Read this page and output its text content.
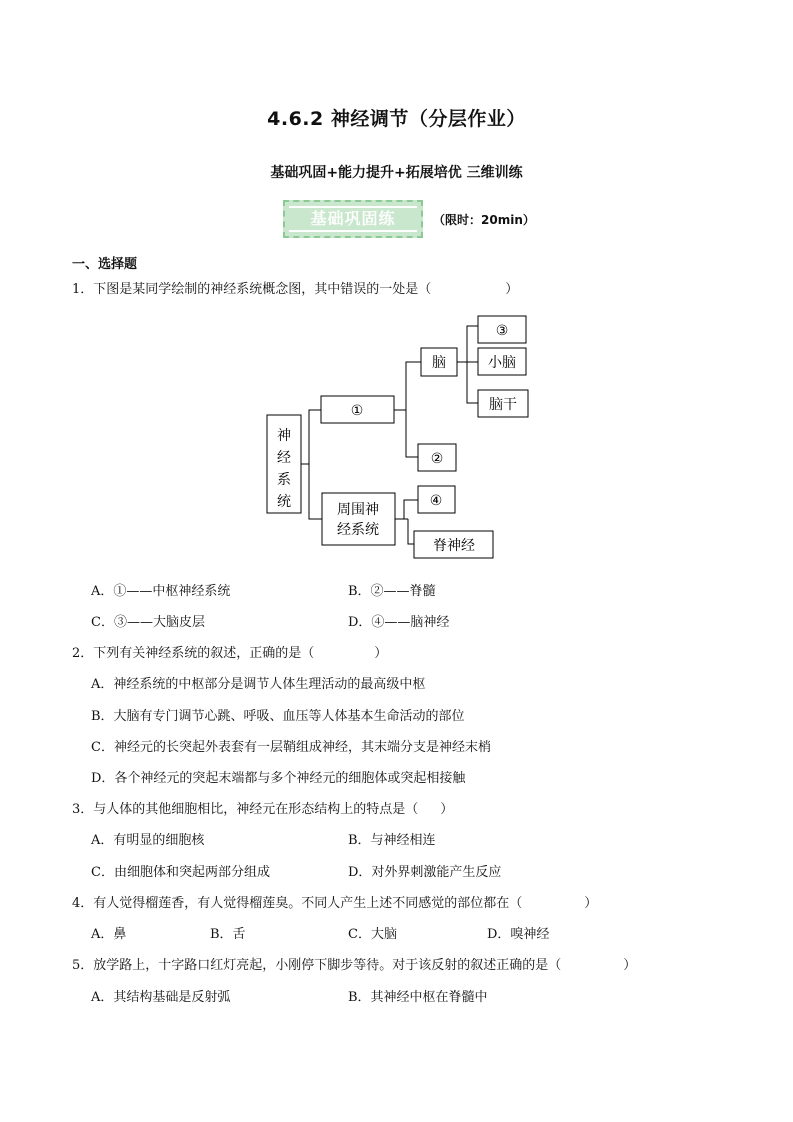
4.6.2 神经调节（分层作业）
基础巩固+能力提升+拓展培优 三维训练
基础巩固练	（限时：20min）
一、选择题
1．下图是某同学绘制的神经系统概念图，其中错误的一处是（	）
神
经
系
统
①
脑
③
小脑
脑干
②
周围神
经系统
④
脊神经
A．①——中枢神经系统	B．②——脊髓
C．③——大脑皮层	D．④——脑神经
2．下列有关神经系统的叙述，正确的是（	）
A．神经系统的中枢部分是调节人体生理活动的最高级中枢
B．大脑有专门调节心跳、呼吸、血压等人体基本生命活动的部位
C．神经元的长突起外表套有一层鞘组成神经，其末端分支是神经末梢
D．各个神经元的突起末端都与多个神经元的细胞体或突起相接触
3．与人体的其他细胞相比，神经元在形态结构上的特点是（ ）
A．有明显的细胞核	B．与神经相连
C．由细胞体和突起两部分组成	D．对外界刺激能产生反应
4．有人觉得榴莲香，有人觉得榴莲臭。不同人产生上述不同感觉的部位都在（	）
A．鼻	B．舌	C．大脑	D．嗅神经
5．放学路上，十字路口红灯亮起，小刚停下脚步等待。对于该反射的叙述正确的是（	）
A．其结构基础是反射弧	B．其神经中枢在脊髓中
